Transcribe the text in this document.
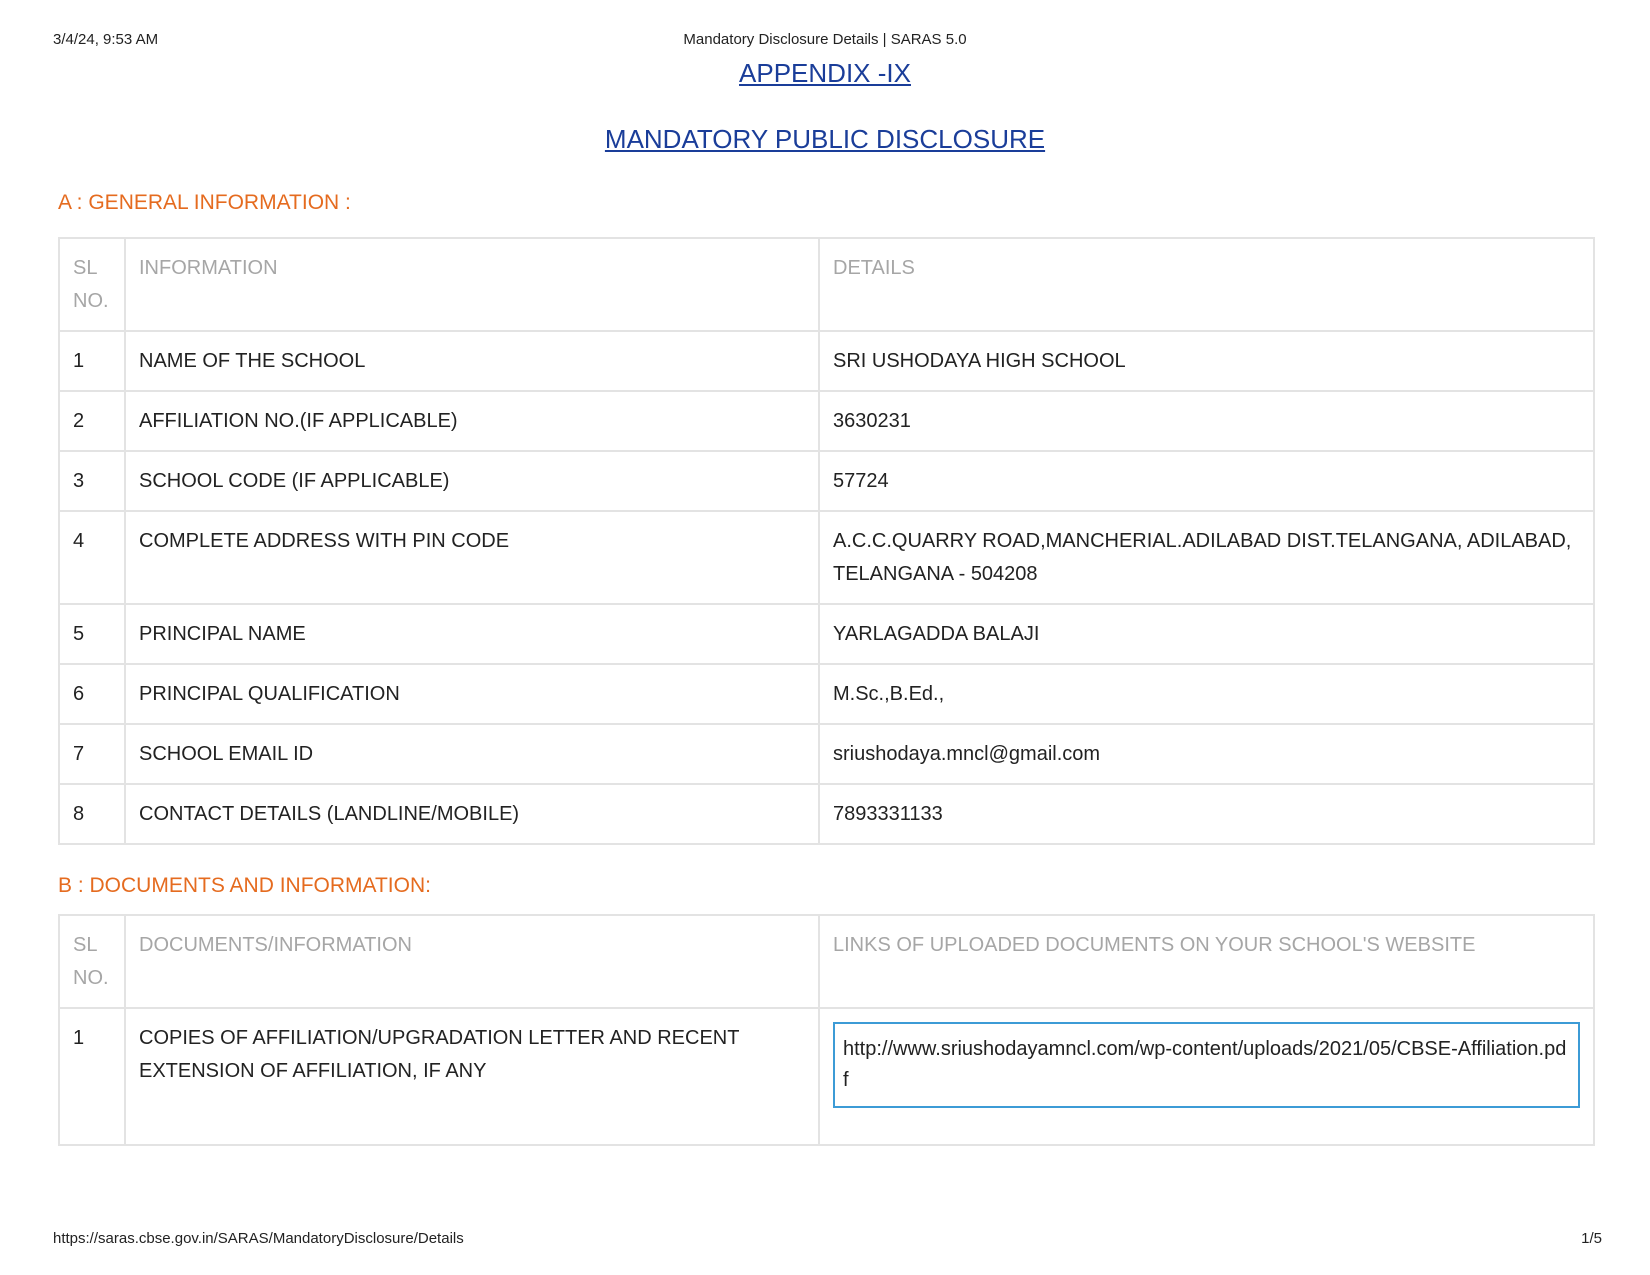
3/4/24, 9:53 AM	Mandatory Disclosure Details | SARAS 5.0
APPENDIX -IX
MANDATORY PUBLIC DISCLOSURE
A : GENERAL INFORMATION :
SL NO.	INFORMATION	DETAILS
1	NAME OF THE SCHOOL	SRI USHODAYA HIGH SCHOOL
2	AFFILIATION NO.(IF APPLICABLE)	3630231
3	SCHOOL CODE (IF APPLICABLE)	57724
4	COMPLETE ADDRESS WITH PIN CODE	A.C.C.QUARRY ROAD,MANCHERIAL.ADILABAD DIST.TELANGANA, ADILABAD, TELANGANA - 504208
5	PRINCIPAL NAME	YARLAGADDA BALAJI
6	PRINCIPAL QUALIFICATION	M.Sc.,B.Ed.,
7	SCHOOL EMAIL ID	sriushodaya.mncl@gmail.com
8	CONTACT DETAILS (LANDLINE/MOBILE)	7893331133
B : DOCUMENTS AND INFORMATION:
SL NO.	DOCUMENTS/INFORMATION	LINKS OF UPLOADED DOCUMENTS ON YOUR SCHOOL'S WEBSITE
1	COPIES OF AFFILIATION/UPGRADATION LETTER AND RECENT EXTENSION OF AFFILIATION, IF ANY	http://www.sriushodayamncl.com/wp-content/uploads/2021/05/CBSE-Affiliation.pdf
https://saras.cbse.gov.in/SARAS/MandatoryDisclosure/Details	1/5
